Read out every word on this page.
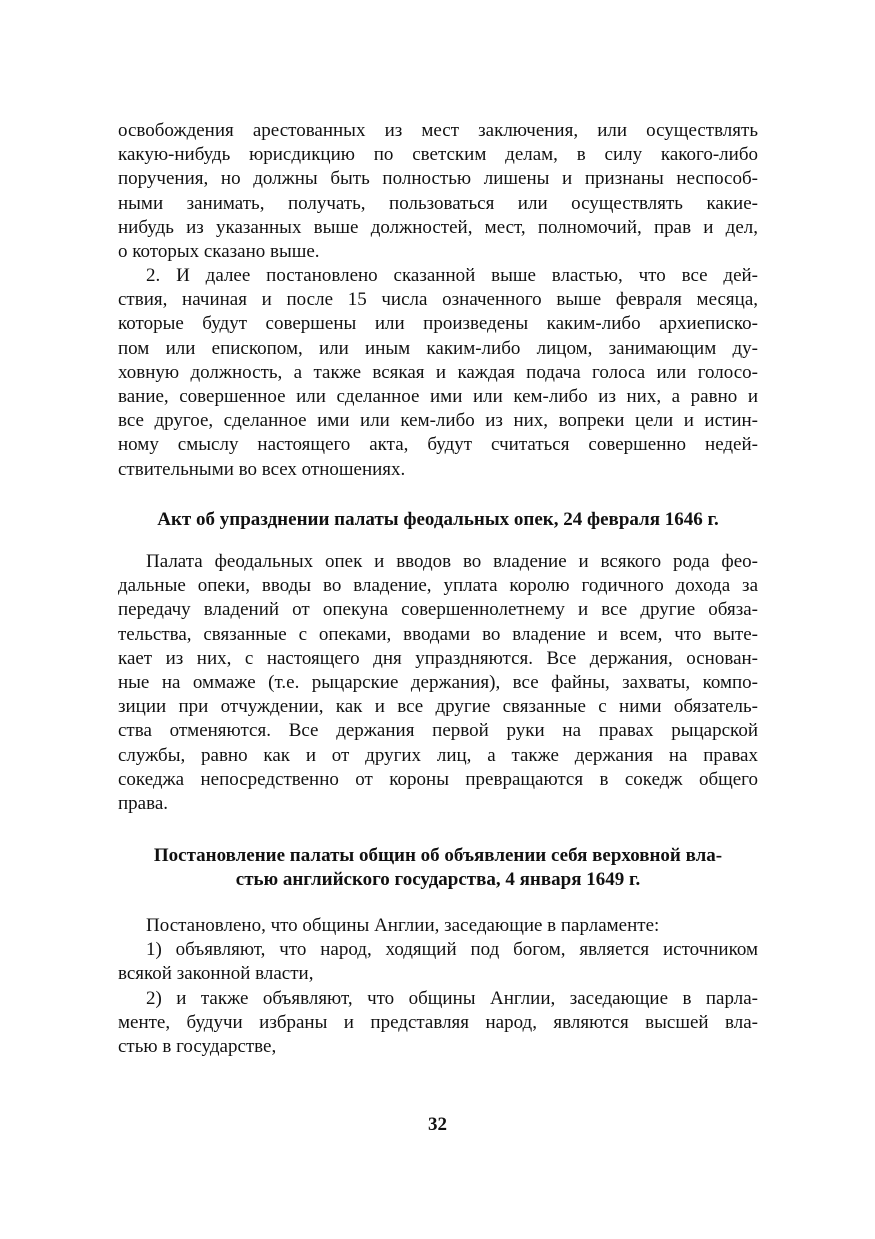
освобождения арестованных из мест заключения, или осуществлять
какую-нибудь юрисдикцию по светским делам, в силу какого-либо
поручения, но должны быть полностью лишены и признаны неспособ-
ными занимать, получать, пользоваться или осуществлять какие-
нибудь из указанных выше должностей, мест, полномочий, прав и дел,
о которых сказано выше.
2. И далее постановлено сказанной выше властью, что все дей-
ствия, начиная и после 15 числа означенного выше февраля месяца,
которые будут совершены или произведены каким-либо архиеписко-
пом или епископом, или иным каким-либо лицом, занимающим ду-
ховную должность, а также всякая и каждая подача голоса или голосо-
вание, совершенное или сделанное ими или кем-либо из них, а равно и
все другое, сделанное ими или кем-либо из них, вопреки цели и истин-
ному смыслу настоящего акта, будут считаться совершенно недей-
ствительными во всех отношениях.
Акт об упразднении палаты феодальных опек, 24 февраля 1646 г.
Палата феодальных опек и вводов во владение и всякого рода фео-
дальные опеки, вводы во владение, уплата королю годичного дохода за
передачу владений от опекуна совершеннолетнему и все другие обяза-
тельства, связанные с опеками, вводами во владение и всем, что выте-
кает из них, с настоящего дня упраздняются. Все держания, основан-
ные на оммаже (т.е. рыцарские держания), все файны, захваты, компо-
зиции при отчуждении, как и все другие связанные с ними обязатель-
ства отменяются. Все держания первой руки на правах рыцарской
службы, равно как и от других лиц, а также держания на правах
сокеджа непосредственно от короны превращаются в сокедж общего
права.
Постановление палаты общин об объявлении себя верховной вла-
стью английского государства, 4 января 1649 г.
Постановлено, что общины Англии, заседающие в парламенте:
1) объявляют, что народ, ходящий под богом, является источником
всякой законной власти,
2) и также объявляют, что общины Англии, заседающие в парла-
менте, будучи избраны и представляя народ, являются высшей вла-
стью в государстве,
32
